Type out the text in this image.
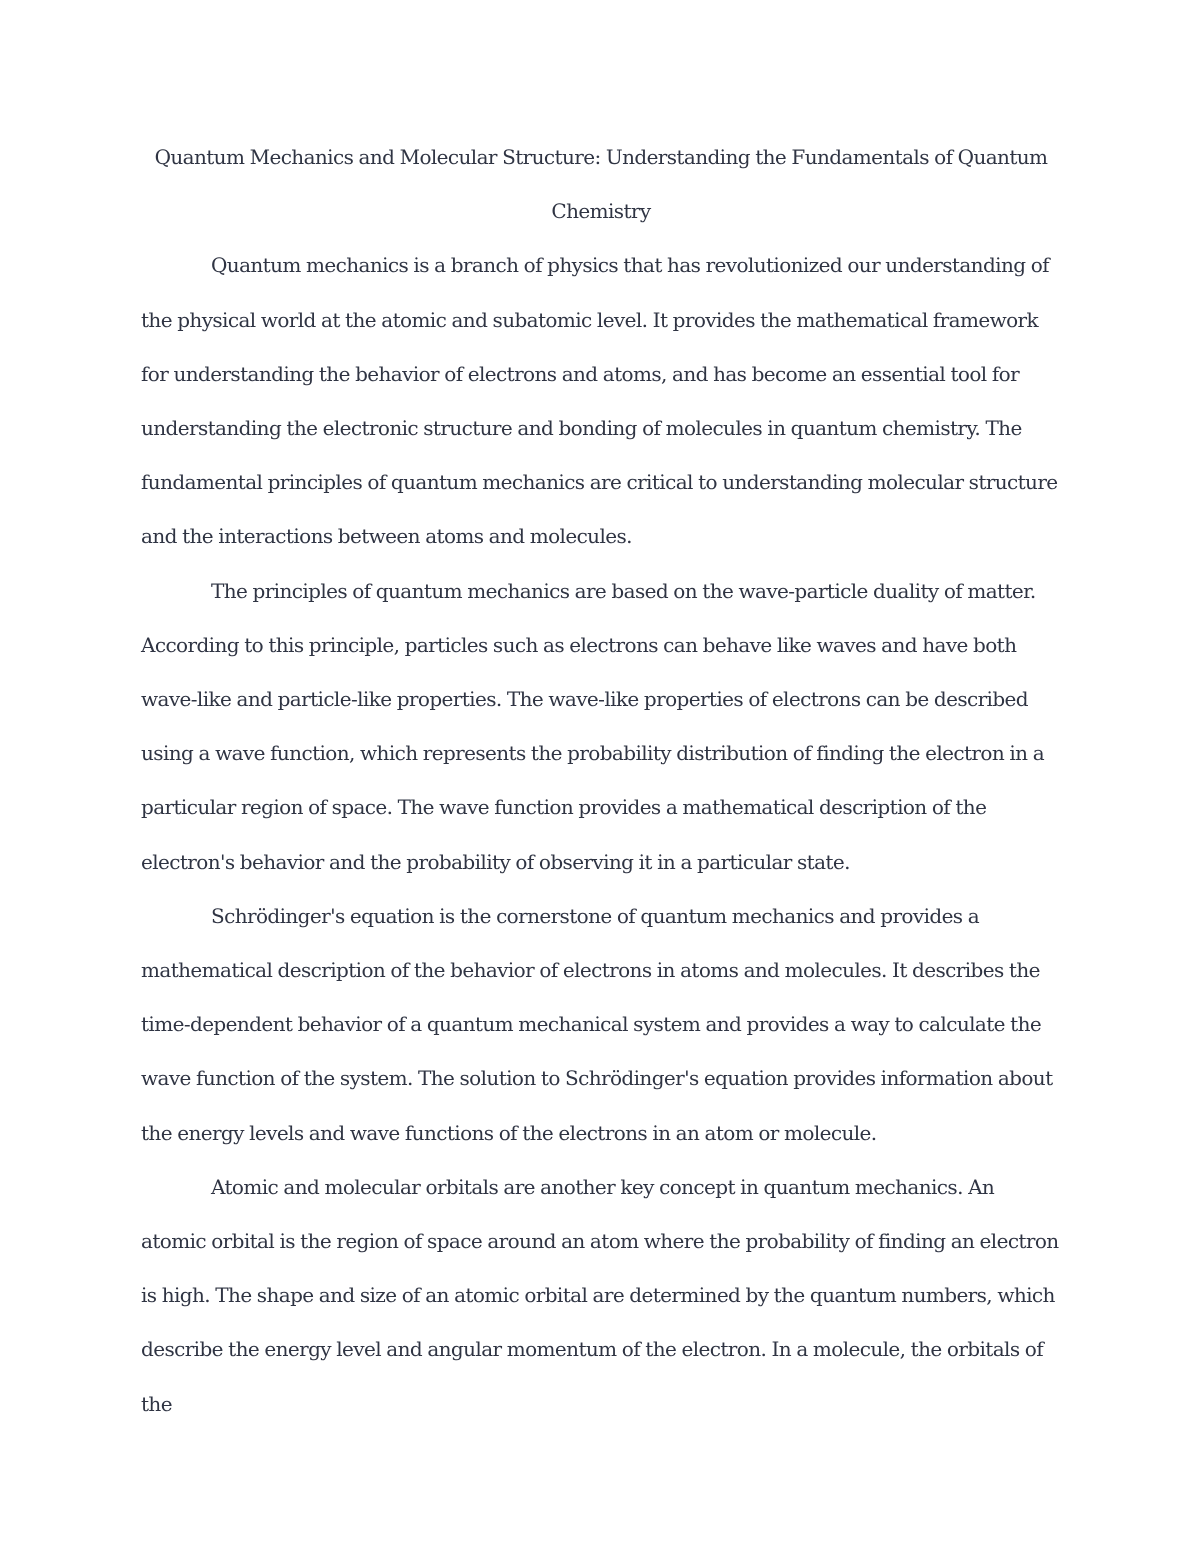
Quantum Mechanics and Molecular Structure: Understanding the Fundamentals of Quantum
Chemistry

Quantum mechanics is a branch of physics that has revolutionized our understanding of the physical world at the atomic and subatomic level. It provides the mathematical framework for understanding the behavior of electrons and atoms, and has become an essential tool for understanding the electronic structure and bonding of molecules in quantum chemistry. The fundamental principles of quantum mechanics are critical to understanding molecular structure and the interactions between atoms and molecules.

The principles of quantum mechanics are based on the wave-particle duality of matter. According to this principle, particles such as electrons can behave like waves and have both wave-like and particle-like properties. The wave-like properties of electrons can be described using a wave function, which represents the probability distribution of finding the electron in a particular region of space. The wave function provides a mathematical description of the electron's behavior and the probability of observing it in a particular state.

Schrödinger's equation is the cornerstone of quantum mechanics and provides a mathematical description of the behavior of electrons in atoms and molecules. It describes the time-dependent behavior of a quantum mechanical system and provides a way to calculate the wave function of the system. The solution to Schrödinger's equation provides information about the energy levels and wave functions of the electrons in an atom or molecule.

Atomic and molecular orbitals are another key concept in quantum mechanics. An atomic orbital is the region of space around an atom where the probability of finding an electron is high. The shape and size of an atomic orbital are determined by the quantum numbers, which describe the energy level and angular momentum of the electron. In a molecule, the orbitals of the
